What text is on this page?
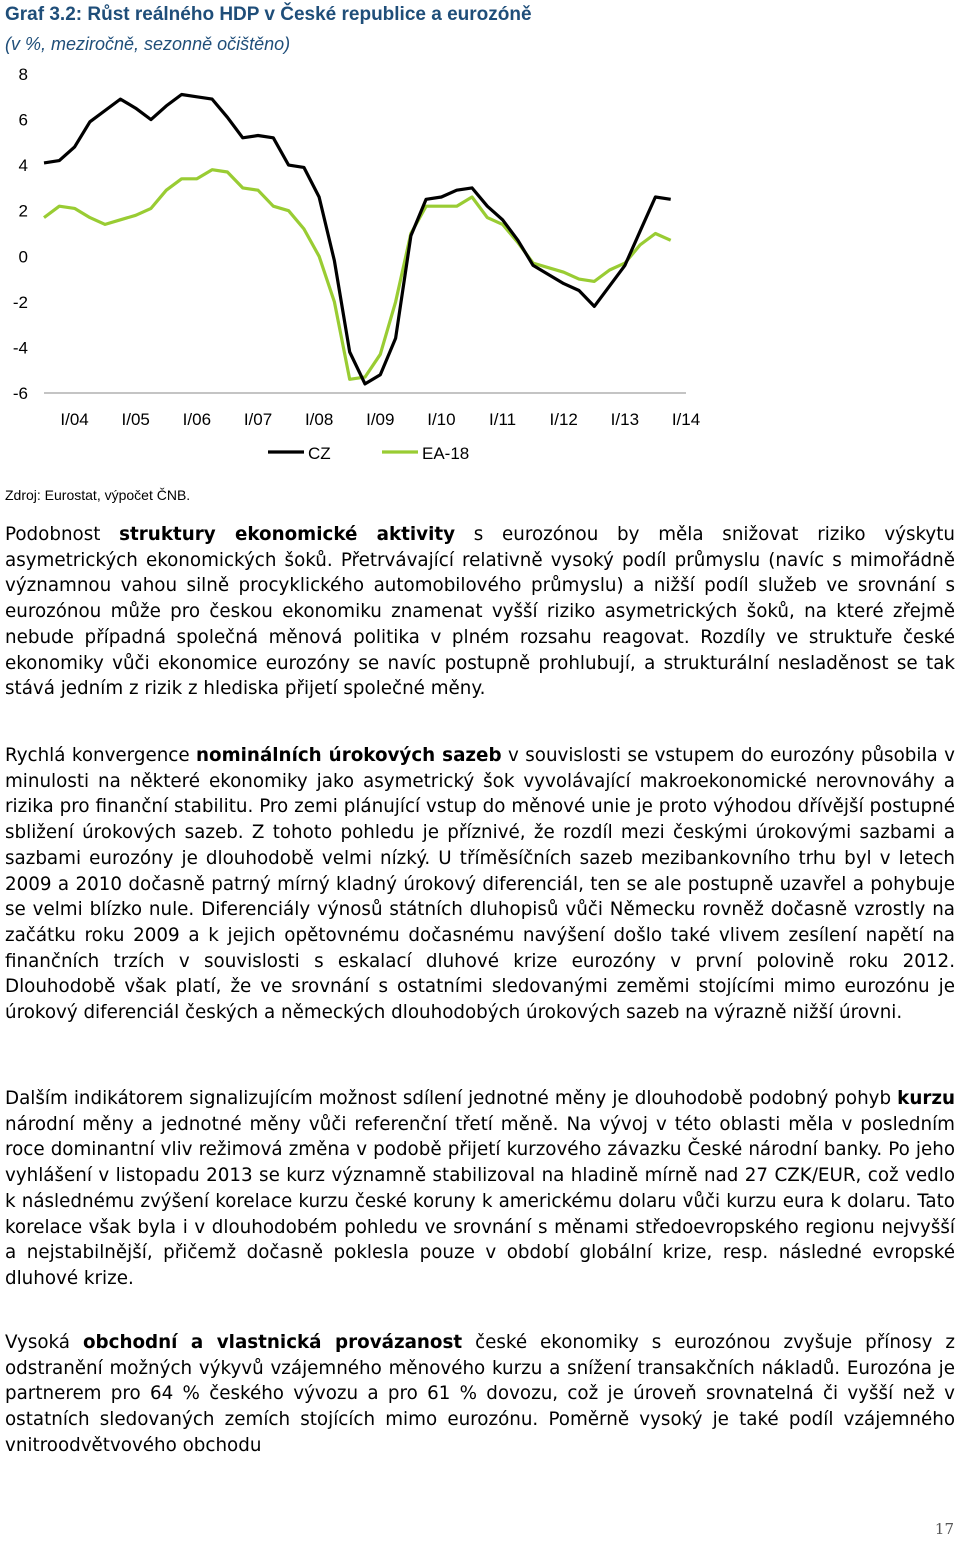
Graf 3.2: Růst reálného HDP v České republice a eurozóně
(v %, meziročně, sezonně očištěno)
8
6
4
2
0
-2
-4
-6
I/04 I/05 I/06 I/07 I/08 I/09 I/10 I/11 I/12 I/13 I/14
CZ	EA-18
Zdroj: Eurostat, výpočet ČNB.

Podobnost struktury ekonomické aktivity s eurozónou by měla snižovat riziko výskytu asymetrických ekonomických šoků. Přetrvávající relativně vysoký podíl průmyslu (navíc s mimořádně významnou vahou silně procyklického automobilového průmyslu) a nižší podíl služeb ve srovnání s eurozónou může pro českou ekonomiku znamenat vyšší riziko asymetrických šoků, na které zřejmě nebude případná společná měnová politika v plném rozsahu reagovat. Rozdíly ve struktuře české ekonomiky vůči ekonomice eurozóny se navíc postupně prohlubují, a strukturální nesladěnost se tak stává jedním z rizik z hlediska přijetí společné měny.

Rychlá konvergence nominálních úrokových sazeb v souvislosti se vstupem do eurozóny působila v minulosti na některé ekonomiky jako asymetrický šok vyvolávající makroekonomické nerovnováhy a rizika pro finanční stabilitu. Pro zemi plánující vstup do měnové unie je proto výhodou dřívější postupné sbližení úrokových sazeb. Z tohoto pohledu je příznivé, že rozdíl mezi českými úrokovými sazbami a sazbami eurozóny je dlouhodobě velmi nízký. U tříměsíčních sazeb mezibankovního trhu byl v letech 2009 a 2010 dočasně patrný mírný kladný úrokový diferenciál, ten se ale postupně uzavřel a pohybuje se velmi blízko nule. Diferenciály výnosů státních dluhopisů vůči Německu rovněž dočasně vzrostly na začátku roku 2009 a k jejich opětovnému dočasnému navýšení došlo také vlivem zesílení napětí na finančních trzích v souvislosti s eskalací dluhové krize eurozóny v první polovině roku 2012. Dlouhodobě však platí, že ve srovnání s ostatními sledovanými zeměmi stojícími mimo eurozónu je úrokový diferenciál českých a německých dlouhodobých úrokových sazeb na výrazně nižší úrovni.

Dalším indikátorem signalizujícím možnost sdílení jednotné měny je dlouhodobě podobný pohyb kurzu národní měny a jednotné měny vůči referenční třetí měně. Na vývoj v této oblasti měla v posledním roce dominantní vliv režimová změna v podobě přijetí kurzového závazku České národní banky. Po jeho vyhlášení v listopadu 2013 se kurz významně stabilizoval na hladině mírně nad 27 CZK/EUR, což vedlo k následnému zvýšení korelace kurzu české koruny k americkému dolaru vůči kurzu eura k dolaru. Tato korelace však byla i v dlouhodobém pohledu ve srovnání s měnami středoevropského regionu nejvyšší a nejstabilnější, přičemž dočasně poklesla pouze v období globální krize, resp. následné evropské dluhové krize.

Vysoká obchodní a vlastnická provázanost české ekonomiky s eurozónou zvyšuje přínosy z odstranění možných výkyvů vzájemného měnového kurzu a snížení transakčních nákladů. Eurozóna je partnerem pro 64 % českého vývozu a pro 61 % dovozu, což je úroveň srovnatelná či vyšší než v ostatních sledovaných zemích stojících mimo eurozónu. Poměrně vysoký je také podíl vzájemného vnitroodvětvového obchodu

17
